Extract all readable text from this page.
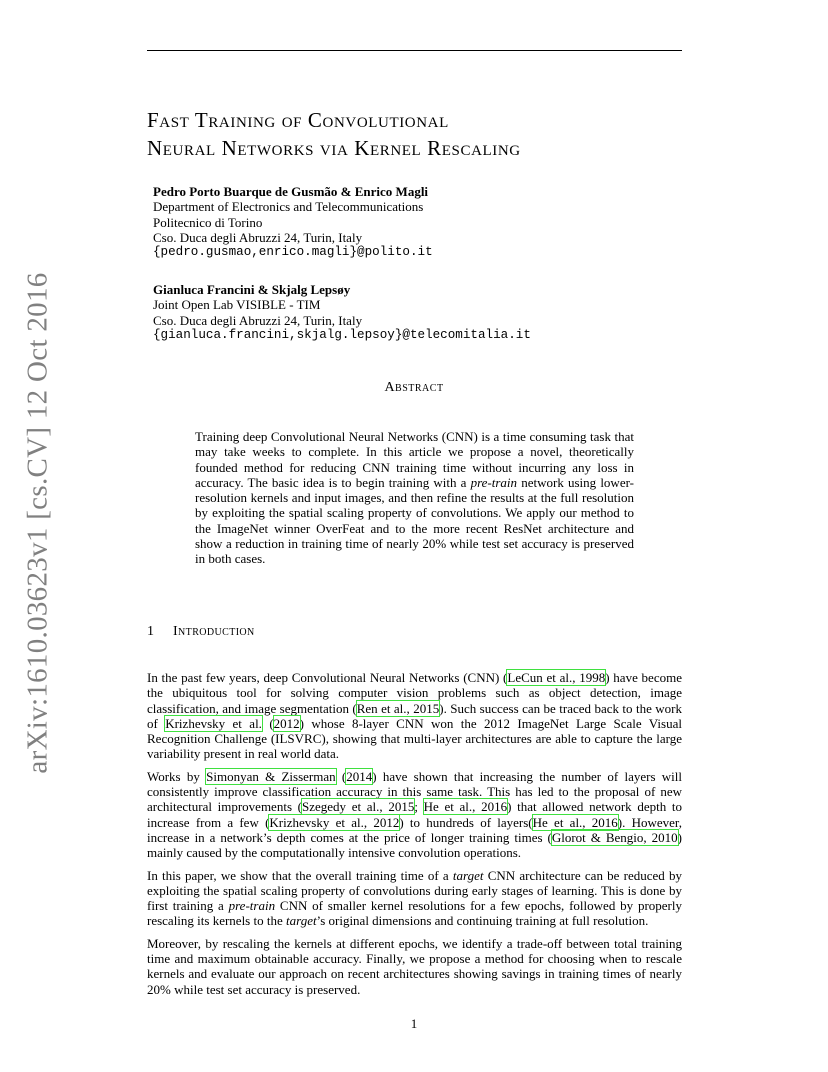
arXiv:1610.03623v1 [cs.CV] 12 Oct 2016
Fast Training of Convolutional
Neural Networks via Kernel Rescaling
Pedro Porto Buarque de Gusmão & Enrico Magli
Department of Electronics and Telecommunications
Politecnico di Torino
Cso. Duca degli Abruzzi 24, Turin, Italy
{pedro.gusmao,enrico.magli}@polito.it
Gianluca Francini & Skjalg Lepsøy
Joint Open Lab VISIBLE - TIM
Cso. Duca degli Abruzzi 24, Turin, Italy
{gianluca.francini,skjalg.lepsoy}@telecomitalia.it
Abstract
Training deep Convolutional Neural Networks (CNN) is a time consuming task that may take weeks to complete. In this article we propose a novel, theoretically founded method for reducing CNN training time without incurring any loss in accuracy. The basic idea is to begin training with a pre-train network using lower-resolution kernels and input images, and then refine the results at the full resolution by exploiting the spatial scaling property of convolutions. We apply our method to the ImageNet winner OverFeat and to the more recent ResNet architecture and show a reduction in training time of nearly 20% while test set accuracy is preserved in both cases.
1 Introduction

In the past few years, deep Convolutional Neural Networks (CNN) (LeCun et al., 1998) have become the ubiquitous tool for solving computer vision problems such as object detection, image classification, and image segmentation (Ren et al., 2015). Such success can be traced back to the work of Krizhevsky et al. (2012) whose 8-layer CNN won the 2012 ImageNet Large Scale Visual Recognition Challenge (ILSVRC), showing that multi-layer architectures are able to capture the large variability present in real world data.

Works by Simonyan & Zisserman (2014) have shown that increasing the number of layers will consistently improve classification accuracy in this same task. This has led to the proposal of new architectural improvements (Szegedy et al., 2015; He et al., 2016) that allowed network depth to increase from a few (Krizhevsky et al., 2012) to hundreds of layers(He et al., 2016). However, increase in a network’s depth comes at the price of longer training times (Glorot & Bengio, 2010) mainly caused by the computationally intensive convolution operations.

In this paper, we show that the overall training time of a target CNN architecture can be reduced by exploiting the spatial scaling property of convolutions during early stages of learning. This is done by first training a pre-train CNN of smaller kernel resolutions for a few epochs, followed by properly rescaling its kernels to the target’s original dimensions and continuing training at full resolution.

Moreover, by rescaling the kernels at different epochs, we identify a trade-off between total training time and maximum obtainable accuracy. Finally, we propose a method for choosing when to rescale kernels and evaluate our approach on recent architectures showing savings in training times of nearly 20% while test set accuracy is preserved.

1
